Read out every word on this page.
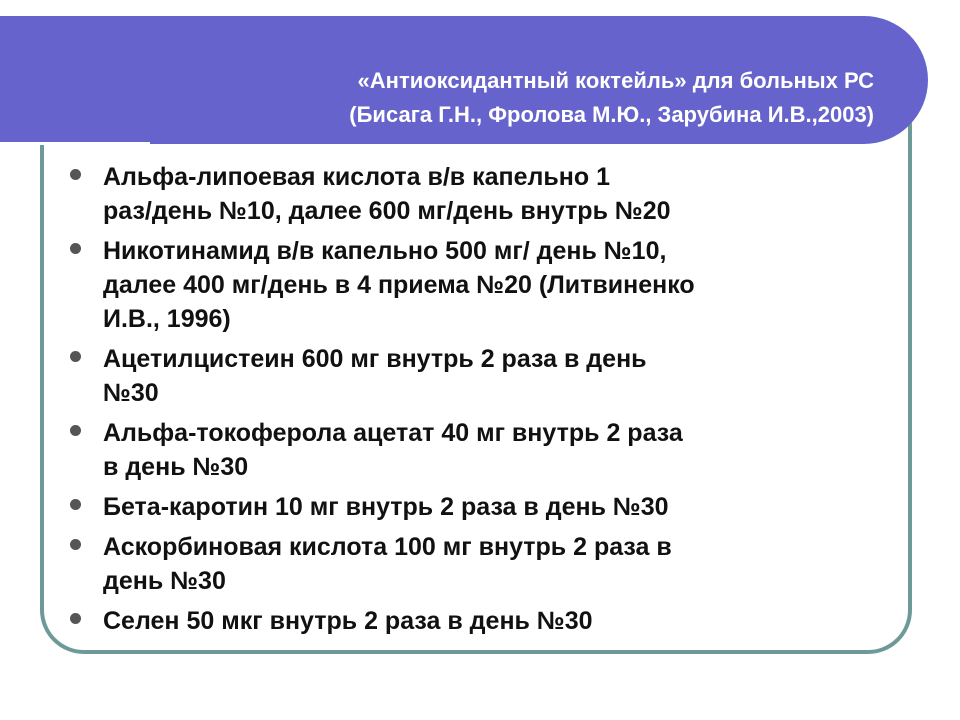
«Антиоксидантный коктейль» для больных РС
(Бисага Г.Н., Фролова М.Ю., Зарубина И.В.,2003)
Альфа-липоевая кислота в/в капельно 1
раз/день №10, далее 600 мг/день внутрь №20
Никотинамид в/в капельно 500 мг/ день №10,
далее 400 мг/день в 4 приема №20 (Литвиненко
И.В., 1996)
Ацетилцистеин 600 мг внутрь 2 раза в день
№30
Альфа-токоферола ацетат 40 мг внутрь 2 раза
в день №30
Бета-каротин 10 мг внутрь 2 раза в день №30
Аскорбиновая кислота 100 мг внутрь 2 раза в
день №30
Селен 50 мкг внутрь 2 раза в день №30
